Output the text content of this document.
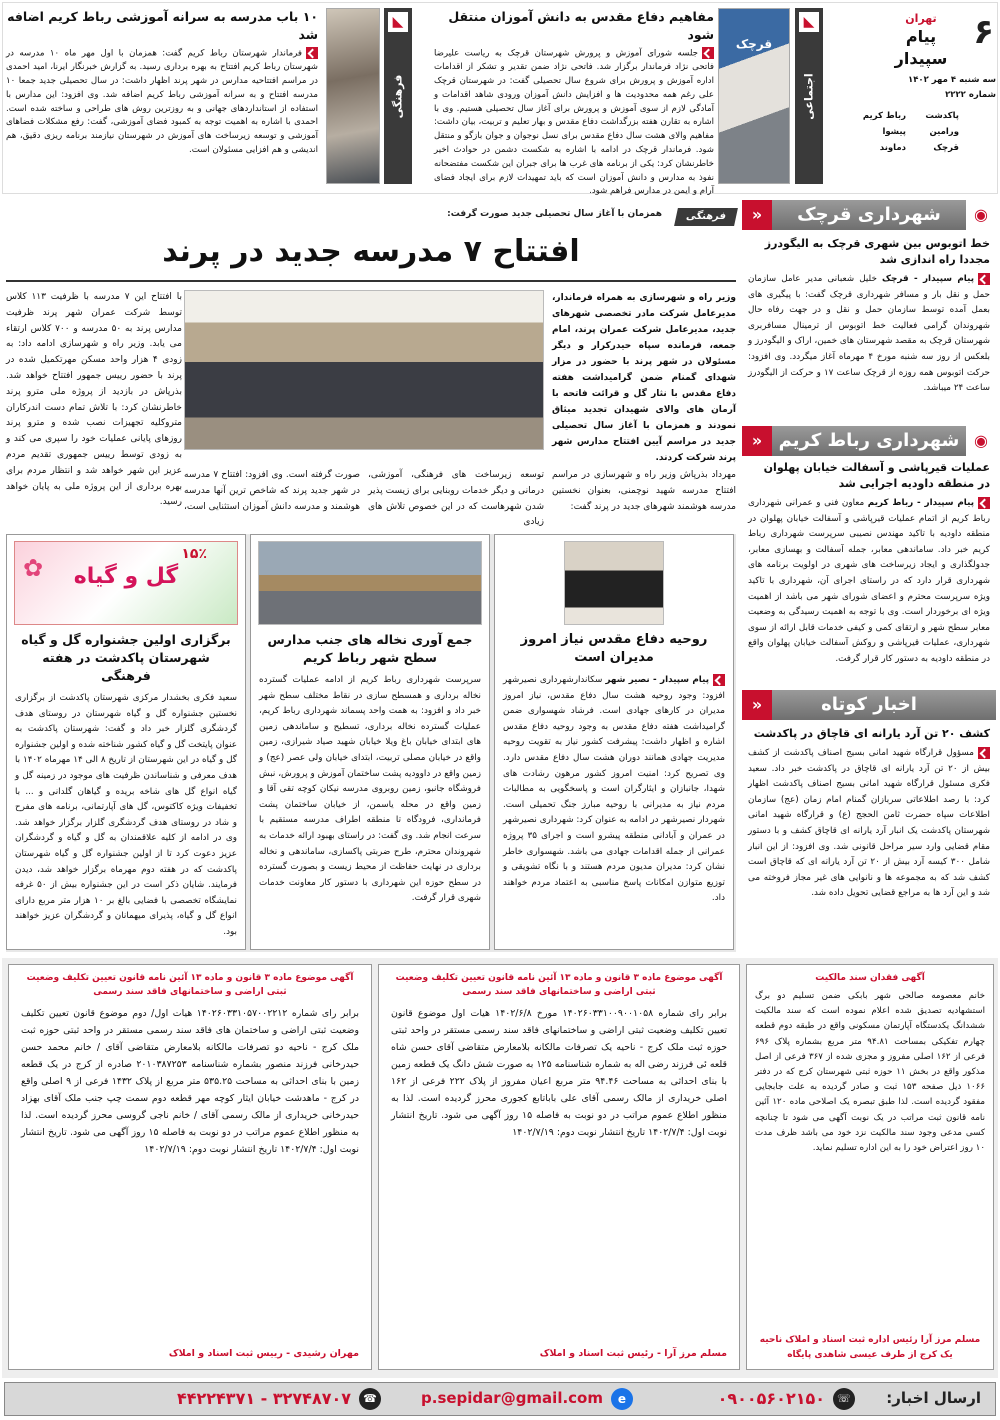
۶
تهران
پیام سپیدار
سه شنبه ۴ مهر ۱۴۰۲
شماره ۲۲۲۲
پاکدشت
رباط کریم
ورامین
پیشوا
قرچک
دماوند
قرچک
◣
اجتماعی
مفاهیم دفاع مقدس به دانش آموزان منتقل شود
جلسه شورای آموزش و پرورش شهرستان قرچک به ریاست علیرضا فاتحی نژاد فرماندار برگزار شد. فاتحی نژاد ضمن تقدیر و تشکر از اقدامات اداره آموزش و پرورش برای شروع سال تحصیلی گفت: در شهرستان قرچک علی رغم همه محدودیت ها و افزایش دانش آموزان ورودی شاهد اقدامات و آمادگی لازم از سوی آموزش و پرورش برای آغاز سال تحصیلی هستیم. وی با اشاره به تقارن هفته بزرگداشت دفاع مقدس و بهار تعلیم و تربیت، بیان داشت: مفاهیم والای هشت سال دفاع مقدس برای نسل نوجوان و جوان بازگو و منتقل شود. فرماندار قرچک در ادامه با اشاره به شکست دشمن در حوادث اخیر خاطرنشان کرد: یکی از برنامه های غرب ها برای جبران این شکست مفتضحانه نفوذ به مدارس و دانش آموزان است که باید تمهیدات لازم برای ایجاد فضای آرام و ایمن در مدارس فراهم شود.
◣
فرهنگی
۱۰ باب مدرسه به سرانه آموزشی رباط کریم اضافه شد
فرماندار شهرستان رباط کریم گفت: همزمان با اول مهر ماه ۱۰ مدرسه در شهرستان رباط کریم افتتاح به بهره برداری رسید. به گزارش خبرنگار ایرنا، امید احمدی در مراسم افتتاحیه مدارس در شهر پرند اظهار داشت: در سال تحصیلی جدید جمعا ۱۰ مدرسه افتتاح و به سرانه آموزشی رباط کریم اضافه شد. وی افزود: این مدارس با استفاده از استانداردهای جهانی و به روزترین روش های طراحی و ساخته شده است. احمدی با اشاره به اهمیت توجه به کمبود فضای آموزشی، گفت: رفع مشکلات فضاهای آموزشی و توسعه زیرساخت های آموزش در شهرستان نیازمند برنامه ریزی دقیق، هم اندیشی و هم افزایی مسئولان است.
شهرداری قرچک	◉
«
خط اتوبوس بین شهری قرچک به الیگودرز مجددا راه اندازی شد
پیام سپیدار - قرچک خلیل شعبانی مدیر عامل سازمان حمل و نقل بار و مسافر شهرداری قرچک گفت: با پیگیری های بعمل آمده توسط سازمان حمل و نقل و در جهت رفاه حال شهروندان گرامی فعالیت خط اتوبوس از ترمینال مسافربری شهرستان قرچک به مقصد شهرستان های خمین، اراک و الیگودرز و بلعکس از روز سه شنبه مورخ ۴ مهرماه آغاز میگردد. وی افزود: حرکت اتوبوس همه روزه از قرچک ساعت ۱۷ و حرکت از الیگودرز ساعت ۲۴ میباشد.
شهرداری رباط کریم ◉
«
عملیات قیرپاشی و آسفالت خیابان پهلوان در منطقه داودیه اجرایی شد
پیام سپیدار - رباط کریم معاون فنی و عمرانی شهرداری رباط کریم از اتمام عملیات قیرپاشی و آسفالت خیابان پهلوان در منطقه داودیه با تاکید مهندس نصیبی سرپرست شهرداری رباط کریم خبر داد. ساماندهی معابر، جمله آسفالت و بهسازی معابر، جدولگذاری و ایجاد زیرساخت های شهری در اولویت برنامه های شهرداری قرار دارد که در راستای اجرای آن، شهرداری با تاکید ویژه سرپرست محترم و اعضای شورای شهر می باشد از اهمیت ویژه ای برخوردار است. وی با توجه به اهمیت رسیدگی به وضعیت معابر سطح شهر و ارتقای کمی و کیفی خدمات قابل ارائه از سوی شهرداری، عملیات قیرپاشی و روکش آسفالت خیابان پهلوان واقع در منطقه داودیه به دستور کار قرار گرفت.
اخبار کوتاه
«
کشف ۲۰ تن آرد یارانه ای قاچاق در پاکدشت
مسؤول قرارگاه شهید امانی بسیج اصناف پاکدشت از کشف بیش از ۲۰ تن آرد یارانه ای قاچاق در پاکدشت خبر داد. سعید فکری مسئول قرارگاه شهید امانی بسیج اصناف پاکدشت اظهار کرد: با رصد اطلاعاتی سربازان گمنام امام زمان (عج) سازمان اطلاعات سپاه حضرت ثامن الحجج (ع) و قرارگاه شهید امانی شهرستان پاکدشت یک انبار آرد یارانه ای قاچاق کشف و با دستور مقام قضایی وارد سیر مراحل قانونی شد. وی افزود: از این انبار شامل ۳۰۰ کیسه آرد بیش از ۲۰ تن آرد یارانه ای که قاچاق است کشف شد که به مجموعه ها و نانوایی های غیر مجاز فروخته می شد و این آرد ها به مراجع قضایی تحویل داده شد.
فرهنگی
همزمان با آغاز سال تحصیلی جدید صورت گرفت:
افتتاح ۷ مدرسه جدید در پرند
وزیر راه و شهرسازی به همراه فرماندار، مدیرعامل شرکت مادر تخصصی شهرهای جدید، مدیرعامل شرکت عمران پرند، امام جمعه، فرمانده سپاه حیدرکرار و دیگر مسئولان در شهر پرند با حضور در مزار شهدای گمنام ضمن گرامیداشت هفته دفاع مقدس با نثار گل و قرائت فاتحه با آرمان های والای شهیدان تجدید میثاق نمودند و همزمان با آغاز سال تحصیلی جدید در مراسم آیین افتتاح مدارس شهر پرند شرکت کردند.
با افتتاح این ۷ مدرسه با ظرفیت ۱۱۳ کلاس توسط شرکت عمران شهر پرند ظرفیت مدارس پرند به ۵۰ مدرسه و ۷۰۰ کلاس ارتقاء می یابد. وزیر راه و شهرسازی ادامه داد: به زودی ۴ هزار واحد مسکن مهرتکمیل شده در پرند با حضور رییس جمهور افتتاح خواهد شد. بذرپاش در بازدید از پروژه ملی مترو پرند خاطرنشان کرد: با تلاش تمام دست اندرکاران متروکلیه تجهیزات نصب شده و مترو پرند روزهای پایانی عملیات خود را سپری می کند و به زودی توسط رییس جمهوری تقدیم مردم عزیز این شهر خواهد شد و انتظار مردم برای بهره برداری از این پروژه ملی به پایان خواهد رسید.
مهرداد بذرپاش وزیر راه و شهرسازی در مراسم افتتاح مدرسه شهید نوچمنی، بعنوان نخستین مدرسه هوشمند شهرهای جدید در پرند گفت:
توسعه زیرساخت های فرهنگی، آموزشی، درمانی و دیگر خدمات روبنایی برای زیست پذیر شدن شهرهاست که در این خصوص تلاش های زیادی
صورت گرفته است. وی افزود: افتتاح ۷ مدرسه در شهر جدید پرند که شاخص ترین آنها مدرسه هوشمند و مدرسه دانش آموزان استثنایی است،
روحیه دفاع مقدس نیاز امروز مدیران است
پیام سپیدار - نصیر شهر سکاندارشهرداری نصیرشهر افزود: وجود روحیه هشت سال دفاع مقدس، نیاز امروز مدیران در کارهای جهادی است. فرشاد شهسواری ضمن گرامیداشت هفته دفاع مقدس به وجود روحیه دفاع مقدس اشاره و اظهار داشت: پیشرفت کشور نیاز به تقویت روحیه مدیریت جهادی همانند دوران هشت سال دفاع مقدس دارد. وی تصریح کرد: امنیت امروز کشور مرهون رشادت های شهدا، جانبازان و ایثارگران است و پاسخگویی به مطالبات مردم نیاز به مدیرانی با روحیه مبارز جنگ تحمیلی است. شهردار نصیرشهر در ادامه به عنوان کرد: شهرداری نصیرشهر در عمران و آبادانی منطقه پیشرو است و اجرای ۳۵ پروژه عمرانی از جمله اقدامات جهادی می باشد. شهسواری خاطر نشان کرد: مدیران مدیون مردم هستند و با نگاه تشویقی و توزیع متوازن امکانات پاسخ مناسبی به اعتماد مردم خواهند داد.
جمع آوری نخاله های جنب مدارس سطح شهر رباط کریم
سرپرست شهرداری رباط کریم از ادامه عملیات گسترده نخاله برداری و همسطح سازی در نقاط مختلف سطح شهر خبر داد و افزود: به همت واحد پسماند شهرداری رباط کریم، عملیات گسترده نخاله برداری، تسطیح و ساماندهی زمین های ابتدای خیابان باغ ویلا خیابان شهید صیاد شیرازی، زمین واقع در خیابان مصلی تربیت، ابتدای خیابان ولی عصر (عج) و زمین واقع در داوودیه پشت ساختمان آموزش و پرورش، نبش فروشگاه جانبو، زمین روبروی مدرسه نیکان کوچه تقی آقا و زمین واقع در محله یاسمن، از خیابان ساختمان پشت فرمانداری، فرودگاه تا منطقه اطراف مدرسه مستقیم با سرعت انجام شد. وی گفت: در راستای بهبود ارائه خدمات به شهروندان محترم، طرح ضربتی پاکسازی، ساماندهی و نخاله برداری در نهایت حفاظت از محیط زیست و بصورت گسترده در سطح حوزه این شهرداری با دستور کار معاونت خدمات شهری قرار گرفت.
گل و گیاه
۱۵٪
✿
برگزاری اولین جشنواره گل و گیاه شهرستان پاکدشت در هفته فرهنگی
سعید فکری بخشدار مرکزی شهرستان پاکدشت از برگزاری نخستین جشنواره گل و گیاه شهرستان در روستای هدف گردشگری گلزار خبر داد و گفت: شهرستان پاکدشت به عنوان پایتخت گل و گیاه کشور شناخته شده و اولین جشنواره گل و گیاه در این شهرستان از تاریخ ۸ الی ۱۴ مهرماه ۱۴۰۲ با هدف معرفی و شناساندن ظرفیت های موجود در زمینه گل و گیاه انواع گل های شاخه بریده و گیاهان گلدانی و ... با تخفیفات ویژه کاکتوس، گل های آپارتمانی، برنامه های مفرح و شاد در روستای هدف گردشگری گلزار برگزار خواهد شد. وی در ادامه از کلیه علاقمندان به گل و گیاه و گردشگران عزیز دعوت کرد تا از اولین جشنواره گل و گیاه شهرستان پاکدشت که در هفته دوم مهرماه برگزار خواهد شد، دیدن فرمایند. شایان ذکر است در این جشنواره بیش از ۵۰ غرفه نمایشگاه تخصصی با فضایی بالغ بر ۱۰ هزار متر مربع دارای انواع گل و گیاه، پذیرای میهمانان و گردشگران عزیز خواهند بود.
آگهی فقدان سند مالکیت
خانم معصومه صالحی شهر بابکی ضمن تسلیم دو برگ استشهادیه تصدیق شده اعلام نموده است که سند مالکیت ششدانگ یکدستگاه آپارتمان مسکونی واقع در طبقه دوم قطعه چهارم تفکیکی بمساحت ۹۴.۸۱ متر مربع بشماره پلاک ۶۹۶ فرعی از ۱۶۲ اصلی مفروز و مجزی شده از ۳۶۷ فرعی از اصل مذکور واقع در بخش ۱۱ حوزه ثبتی شهرستان کرج که در دفتر ۱۰۶۶ ذیل صفحه ۱۵۳ ثبت و صادر گردیده به علت جابجایی مفقود گردیده است. لذا طبق تبصره یک اصلاحی ماده ۱۲۰ آئین نامه قانون ثبت مراتب در یک نوبت آگهی می شود تا چنانچه کسی مدعی وجود سند مالکیت نزد خود می باشد ظرف مدت ۱۰ روز اعتراض خود را به این اداره تسلیم نماید.
مسلم مرز آرا رئیس اداره ثبت اسناد و املاک ناحیه یک کرج از طرف عیسی شاهدی پایگاه
آگهی موضوع ماده ۳ قانون و ماده ۱۳ آئین نامه قانون تعیین تکلیف وضعیت ثبتی اراضی و ساختمانهای فاقد سند رسمی
برابر رای شماره ۱۴۰۲۶۰۳۳۱۰۰۹۰۰۱۰۵۸ مورخ ۱۴۰۲/۶/۸ هیات اول موضوع قانون تعیین تکلیف وضعیت ثبتی اراضی و ساختمانهای فاقد سند رسمی مستقر در واحد ثبتی حوزه ثبت ملک کرج - ناحیه یک تصرفات مالکانه بلامعارض متقاضی آقای حسن شاه قلعه ئی فرزند رضی اله به شماره شناسنامه ۱۲۵ به صورت شش دانگ یک قطعه زمین با بنای احداثی به مساحت ۹۴.۴۶ متر مربع اعیان مفروز از پلاک ۲۲۲ فرعی از ۱۶۲ اصلی خریداری از مالک رسمی آقای علی باباتابع کجوری محرز گردیده است. لذا به منظور اطلاع عموم مراتب در دو نوبت به فاصله ۱۵ روز آگهی می شود. تاریخ انتشار نوبت اول: ۱۴۰۲/۷/۴ تاریخ انتشار نوبت دوم: ۱۴۰۲/۷/۱۹
مسلم مرز آرا - رئیس ثبت اسناد و املاک
آگهی موضوع ماده ۳ قانون و ماده ۱۳ آئین نامه قانون تعیین تکلیف وضعیت ثبتی اراضی و ساختمانهای فاقد سند رسمی
برابر رای شماره ۱۴۰۲۶۰۳۳۱۰۵۷۰۰۲۲۱۲ هیات اول/ دوم موضوع قانون تعیین تکلیف وضعیت ثبتی اراضی و ساختمان های فاقد سند رسمی مستقر در واحد ثبتی حوزه ثبت ملک کرج - ناحیه دو تصرفات مالکانه بلامعارض متقاضی آقای / خانم محمد حسن حیدرخانی فرزند منصور بشماره شناسنامه ۲۰۱۰۳۸۷۲۵۳ صادره از کرج در یک قطعه زمین با بنای احداثی به مساحت ۵۳۵.۲۵ متر مربع از پلاک ۱۴۳۲ فرعی از ۹ اصلی واقع در کرج - ماهدشت خیابان ایثار کوچه مهر قطعه دوم سمت چپ جنب ملک آقای بهزاد حیدرخانی خریداری از مالک رسمی آقای / خانم ناجی گروسی محرز گردیده است. لذا به منظور اطلاع عموم مراتب در دو نوبت به فاصله ۱۵ روز آگهی می شود. تاریخ انتشار نوبت اول: ۱۴۰۲/۷/۴ تاریخ انتشار نوبت دوم: ۱۴۰۲/۷/۱۹
مهران رشیدی - رییس ثبت اسناد و املاک
ارسال اخبار:
☏
۰۹۰۰۵۶۰۲۱۵۰
e
p.sepidar@gmail.com
☎
۳۲۷۴۸۷۰۷ - ۴۴۲۲۴۳۷۱
